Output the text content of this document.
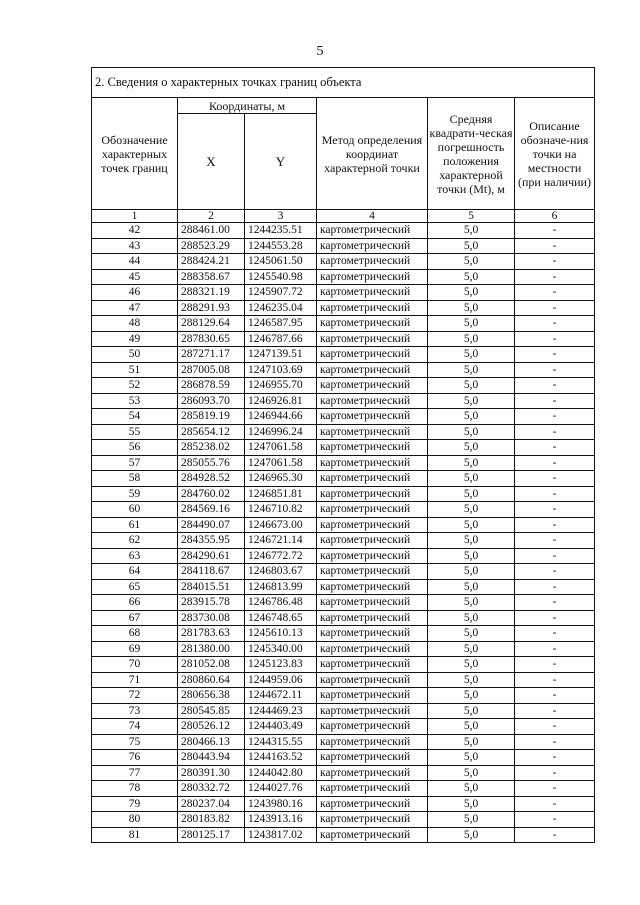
5
2. Сведения о характерных точках границ объекта					
Обозначение характерных точек границ	Координаты, м		Метод определения координат характерной точки	Средняя квадрати-ческая погрешность положения характерной точки (Mt), м	Описание обозначе-ния точки на местности (при наличии)
	X	Y			
1	2	3	4	5	6
42	288461.00	1244235.51	картометрический	5,0	-
43	288523.29	1244553.28	картометрический	5,0	-
44	288424.21	1245061.50	картометрический	5,0	-
45	288358.67	1245540.98	картометрический	5,0	-
46	288321.19	1245907.72	картометрический	5,0	-
47	288291.93	1246235.04	картометрический	5,0	-
48	288129.64	1246587.95	картометрический	5,0	-
49	287830.65	1246787.66	картометрический	5,0	-
50	287271.17	1247139.51	картометрический	5,0	-
51	287005.08	1247103.69	картометрический	5,0	-
52	286878.59	1246955.70	картометрический	5,0	-
53	286093.70	1246926.81	картометрический	5,0	-
54	285819.19	1246944.66	картометрический	5,0	-
55	285654.12	1246996.24	картометрический	5,0	-
56	285238.02	1247061.58	картометрический	5,0	-
57	285055.76	1247061.58	картометрический	5,0	-
58	284928.52	1246965.30	картометрический	5,0	-
59	284760.02	1246851.81	картометрический	5,0	-
60	284569.16	1246710.82	картометрический	5,0	-
61	284490.07	1246673.00	картометрический	5,0	-
62	284355.95	1246721.14	картометрический	5,0	-
63	284290.61	1246772.72	картометрический	5,0	-
64	284118.67	1246803.67	картометрический	5,0	-
65	284015.51	1246813.99	картометрический	5,0	-
66	283915.78	1246786.48	картометрический	5,0	-
67	283730.08	1246748.65	картометрический	5,0	-
68	281783.63	1245610.13	картометрический	5,0	-
69	281380.00	1245340.00	картометрический	5,0	-
70	281052.08	1245123.83	картометрический	5,0	-
71	280860.64	1244959.06	картометрический	5,0	-
72	280656.38	1244672.11	картометрический	5,0	-
73	280545.85	1244469.23	картометрический	5,0	-
74	280526.12	1244403.49	картометрический	5,0	-
75	280466.13	1244315.55	картометрический	5,0	-
76	280443.94	1244163.52	картометрический	5,0	-
77	280391.30	1244042.80	картометрический	5,0	-
78	280332.72	1244027.76	картометрический	5,0	-
79	280237.04	1243980.16	картометрический	5,0	-
80	280183.82	1243913.16	картометрический	5,0	-
81	280125.17	1243817.02	картометрический	5,0	-
